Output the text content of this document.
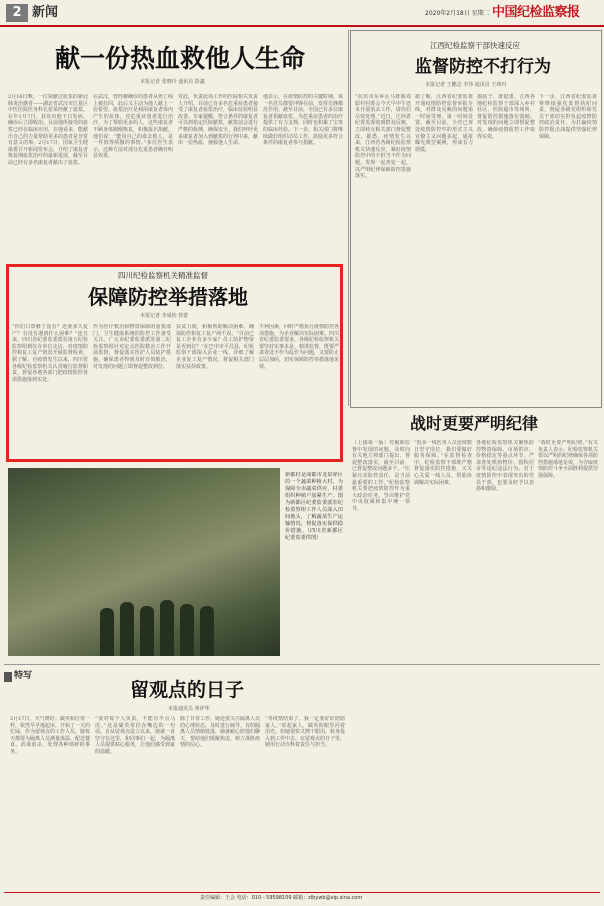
2 新闻	2020年2月18日 星期二 中国纪检监察报
献一份热血救他人生命
本报记者 张晓玲 通讯员 彭鑫
2月16日晚，一位领献过血浆的新冠肺炎治愈者——湖北省武汉市江夏区中医医院医务科长张某经献了血浆。在年1月7日，获诊出他下日发病，确诊后立即收治。目前他所接受的血浆已经在临床应用，在他看来，能献出自己的力量帮助更多的患者是非常有意义的事。2月17日，国家卫生健康委召开新闻发布会，介绍了康复者恢复期血浆治疗的最新进展，截至目前已经有多名康复者献出了血浆。
在武汉，曾经被确诊的患者从死亡线上被拉回，此后又主动为他人献上一份希望。血浆治疗是利用康复者体内产生的抗体，对危重症患者进行治疗。为了帮助更多的人，这些康复者不顾身体刚刚恢复，积极报名捐献，他们说：“能用自己的血去救人，是一件值得骄傲的事情。”多位医生表示，这种方法对部分危重患者确有明显效果。
对此，负责此项工作的医院相关负责人介绍，目前已有多名危重症患者接受了康复者血浆治疗，临床症状明显改善。专家提醒，符合条件的康复者可以到指定医院献浆，献浆前会进行严格的检测，确保安全。我们呼吁更多康复者加入到献浆的行列中来，献出一份热血，挽救他人生命。
他表示，在疫情防控的关键时期，每一名党员都要冲锋在前，发挥先锋模范作用。截至目前，全国已有多位康复者捐献血浆，为危重症患者的治疗提供了有力支撑，同时也积累了宝贵的临床经验。下一步，相关部门将继续做好组织动员工作，鼓励更多符合条件的康复者参与捐献。
四川纪检监察机关精准监督
保障防控举措落地
本报记者 李成怡 侯蕾
“你们口罩够了没有？还要多久复产？有没有遇到什么困难？”连日来，四川省纪委监委派驻第五纪检监察组到驻在单位走访，对疫情防控和复工复产情况开展监督检查。据了解，自疫情发生以来，四川省各级纪检监察机关认真履行监督职责，督促各地各部门把疫情防控各项措施落到实处。
作为医疗救治和物资保障的重要部门，卫生健康系统的防控工作备受关注。广元市纪委监委派驻第二纪检监察组针对定点医院救治工作开展监督，督促落实医护人员防护措施，确保患者得到及时有效救治，对发现的问题立即督促整改到位。
扶贫力度，积极帮助解决困难，确保防控和复工复产两不误。“目前已复工企业有多少家？员工防护物资是否到位？”在巴中市平昌县，纪检监察干部深入企业一线，详细了解企业复工复产情况，督促相关部门落实扶持政策。
不利因素，同时严格执行疫情防控各项措施，为企业解决实际困难。四川省纪委监委要求，各级纪检监察机关要坚持实事求是，精准监督，既要严肃查处不作为乱作为问题，又要防止层层加码，切实保障防控举措落地见效。
新都村是成都市龙泉驿区的一个蔬菜种植大村，为保障全市蔬菜供应，村委组织种植户加紧生产。图为新都区纪委监委派驻纪检监察组工作人员深入田间地头，了解蔬菜生产运输情况，督促落实保供稳价措施。（四川省新都区纪委监委供图）
江西纪检监察干部快速反应
监督防控不打行为
本报记者 王鹏志 李伟 通讯员 王靖玛
“抗洪市东乡区马排镇邓聪村村委会今天早中午还未开展消杀工作，请你们尽快处理。”近日，江西省纪委监委收到群众反映，立即转交相关部门督促整改。据悉，疫情发生以来，江西省各级纪检监察机关快速反应，紧盯疫情防控中的不担当不作为问题，发现一起查处一起，以严明纪律保障防控措施落实。
据了解，江西省纪委监委开通疫情防控监督举报专线，对群众反映的问题第一时间受理、第一时间处置。截至目前，全省已查处疫情防控中的形式主义官僚主义问题多起，通报曝光典型案例，形成有力震慑。
摸底子、排隐患，江西各地纪检监察干部深入乡村社区、医院超市等场所，督促防控措施落实落细。对发现的问题立即督促整改，确保疫情防控工作取得实效。
下一步，江西省纪委监委将继续强化监督执纪问责，督促各级党组织和党员干部切实担负起疫情防控政治责任，为打赢疫情防控阻击战提供坚强纪律保障。
战时更要严明纪律
（上接第一版）对履职监督中发现的问题，及时向有关地方和部门提出，督促整改落实。截至目前，已督促整改问题多个。“压紧压实防控责任，是当前最重要的工作。”纪检监察机关要把疫情防控作为重大政治任务，坚决维护党中央权威和集中统一领导。
“很多一线医务人员连续数日坚守岗位，我们要做好服务保障。”在监督检查中，纪检监察干部既严格督促落实防控措施，又关心关爱一线人员，帮助协调解决实际困难。
各地纪检监察机关聚焦防控物资保障、市场供应、价格稳定等重点环节，严肃查处哄抬物价、囤积居奇等违纪违法行为。对于疫情防控中表现突出的党员干部，也要及时予以表扬和激励。
“战时更要严明纪律。”有关负责人表示，纪检监察机关要以严明的纪律确保各项防控措施落地见效，为夺取疫情防控斗争全面胜利提供坚强保障。
特写
留观点的日子
本报通讯员 黄祥华
2月17日，天气晴好。碳英和往常一样，依然早早地起床，开始了一天的忙碌。作为留观点的工作人员，她每天都要为隔离人员测量体温、配送餐食、消毒消杀，处理各种琐碎的事务。
“要对每个人负责，不能有半点马虎。”这是碳英常挂在嘴边的一句话。自从留观点设立以来，她就一直坚守在这里，和同事们一起，为隔离人员提供贴心服务，让他们感受到家的温暖。
除了日常工作，她还要关注隔离人员的心理状态，及时进行疏导。有的隔离人员情绪低落，她就耐心陪他们聊天，帮助他们缓解焦虑，树立战胜疫情的信心。
“等疫情结束了，我一定要好好陪陪家人。”说起家人，碳英的眼里闪着泪光。但她很快又擦干眼泪，转身投入到工作中去。在留观点的日子里，她用行动诠释着责任与担当。
责任编辑：王会 电话：010－59598109 邮箱：zlbywb@vip.sina.com
